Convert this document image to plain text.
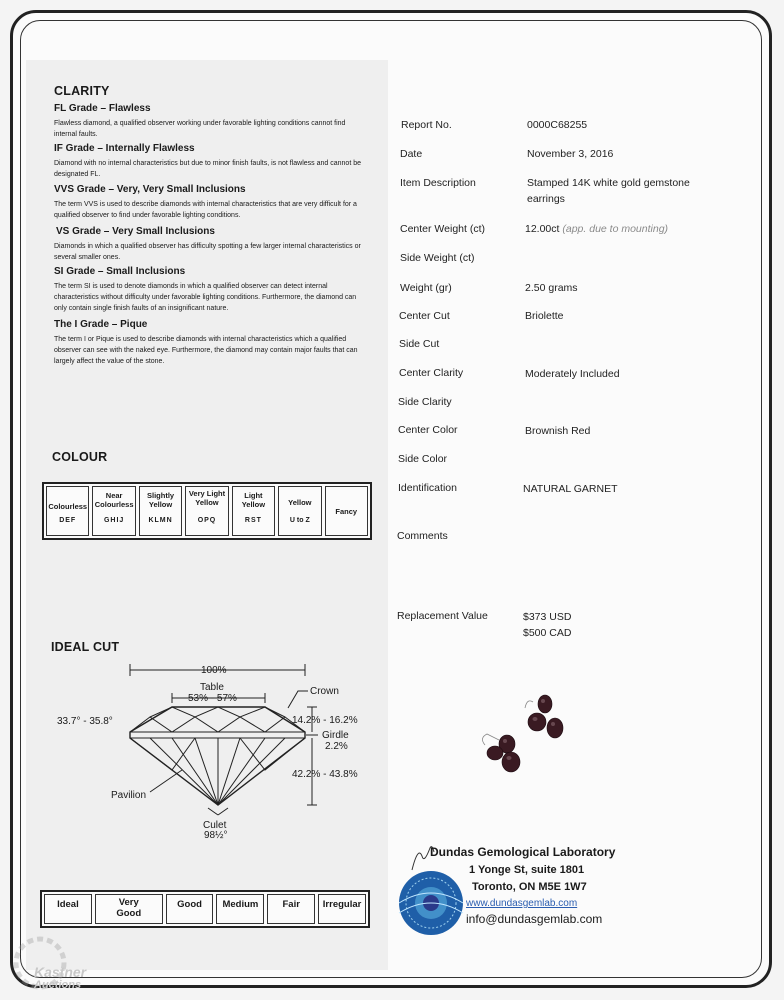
CLARITY
FL Grade – Flawless
Flawless diamond, a qualified observer working under favorable lighting conditions cannot find internal faults.
IF Grade – Internally Flawless
Diamond with no internal characteristics but due to minor finish faults, is not flawless and cannot be designated FL.
VVS Grade – Very, Very Small Inclusions
The term VVS is used to describe diamonds with internal characteristics that are very difficult for a qualified observer to find under favorable lighting conditions.
VS Grade – Very Small Inclusions
Diamonds in which a qualified observer has difficulty spotting a few larger internal characteristics or several smaller ones.
SI Grade – Small Inclusions
The term SI is used to denote diamonds in which a qualified observer can detect internal characteristics without difficulty under favorable lighting conditions. Furthermore, the diamond can only contain single finish faults of an insignificant nature.
The I Grade – Pique
The term I or Pique is used to describe diamonds with internal characteristics which a qualified observer can see with the naked eye. Furthermore, the diamond may contain major faults that can largely affect the value of the stone.
COLOUR
Colourless
DEF
Near Colourless
GHIJ
Slightly Yellow
KLMN
Very Light Yellow
OPQ
Light Yellow
RST
Yellow
U to Z
Fancy
IDEAL CUT
100%
Table
53% - 57%
Crown
33.7° - 35.8°	14.2% - 16.2%
Girdle
2.2%
42.2% - 43.8%
Pavilion
Culet
98½°
Ideal	Very Good
Good	Medium	Fair	Irregular
Report No.	0000C68255
Date	November 3, 2016
Item Description	Stamped 14K white gold gemstone earrings
Center Weight (ct)	12.00ct (app. due to mounting)
Side Weight (ct)
Weight (gr)	2.50 grams
Center Cut	Briolette
Side Cut
Center Clarity	Moderately Included
Side Clarity
Center Color	Brownish Red
Side Color
Identification	NATURAL GARNET
Comments
Replacement Value	$373 USD
$500 CAD
Dundas Gemological Laboratory
1 Yonge St, suite 1801
Toronto, ON M5E 1W7
www.dundasgemlab.com
info@dundasgemlab.com
Kastner
Auctions
